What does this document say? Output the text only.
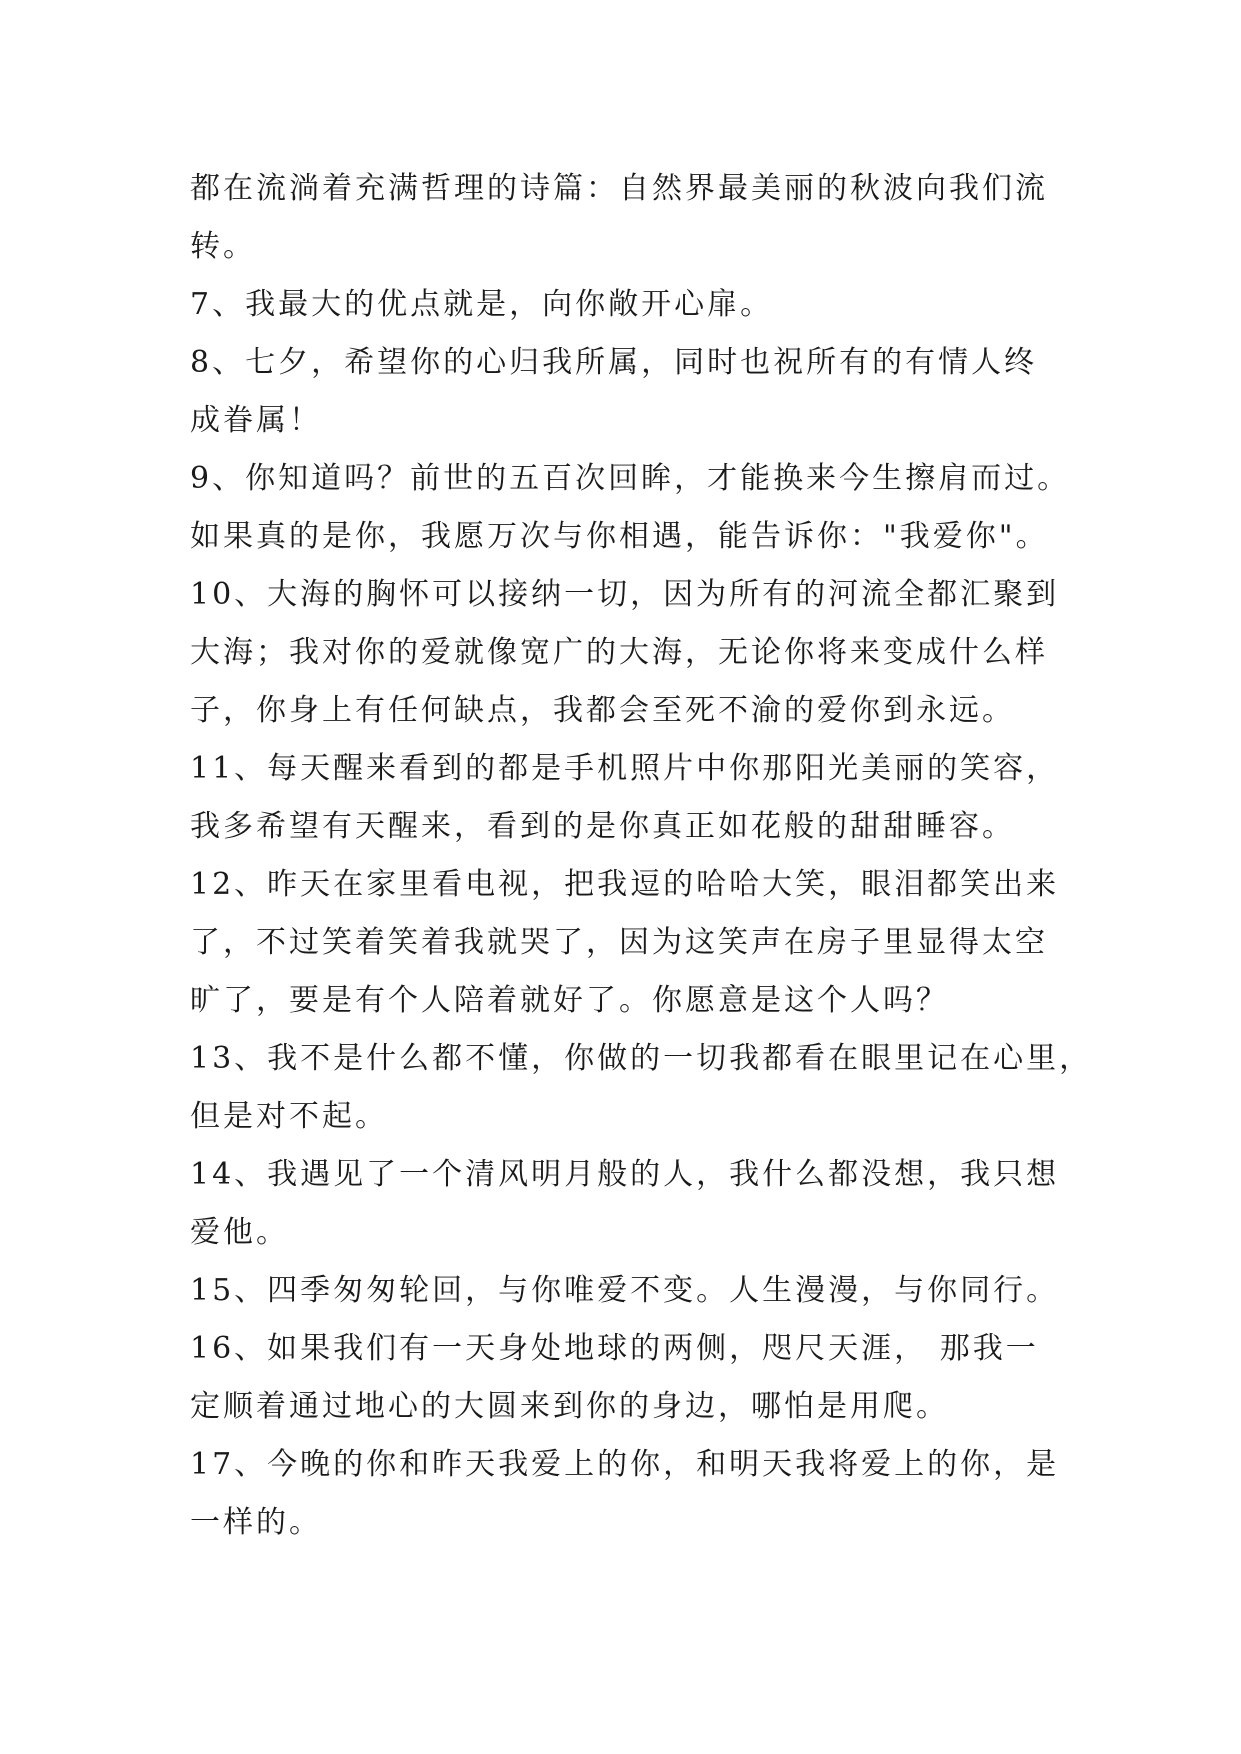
都在流淌着充满哲理的诗篇：自然界最美丽的秋波向我们流
转。
7、我最大的优点就是，向你敞开心扉。
8、七夕，希望你的心归我所属，同时也祝所有的有情人终
成眷属！
9、你知道吗？前世的五百次回眸，才能换来今生擦肩而过。
如果真的是你，我愿万次与你相遇，能告诉你："我爱你"。
10、大海的胸怀可以接纳一切，因为所有的河流全都汇聚到
大海；我对你的爱就像宽广的大海，无论你将来变成什么样
子，你身上有任何缺点，我都会至死不渝的爱你到永远。
11、每天醒来看到的都是手机照片中你那阳光美丽的笑容，
我多希望有天醒来，看到的是你真正如花般的甜甜睡容。
12、昨天在家里看电视，把我逗的哈哈大笑，眼泪都笑出来
了，不过笑着笑着我就哭了，因为这笑声在房子里显得太空
旷了，要是有个人陪着就好了。你愿意是这个人吗？
13、我不是什么都不懂，你做的一切我都看在眼里记在心里，
但是对不起。
14、我遇见了一个清风明月般的人，我什么都没想，我只想
爱他。
15、四季匆匆轮回，与你唯爱不变。人生漫漫，与你同行。
16、如果我们有一天身处地球的两侧，咫尺天涯， 那我一
定顺着通过地心的大圆来到你的身边，哪怕是用爬。
17、今晚的你和昨天我爱上的你，和明天我将爱上的你，是
一样的。
